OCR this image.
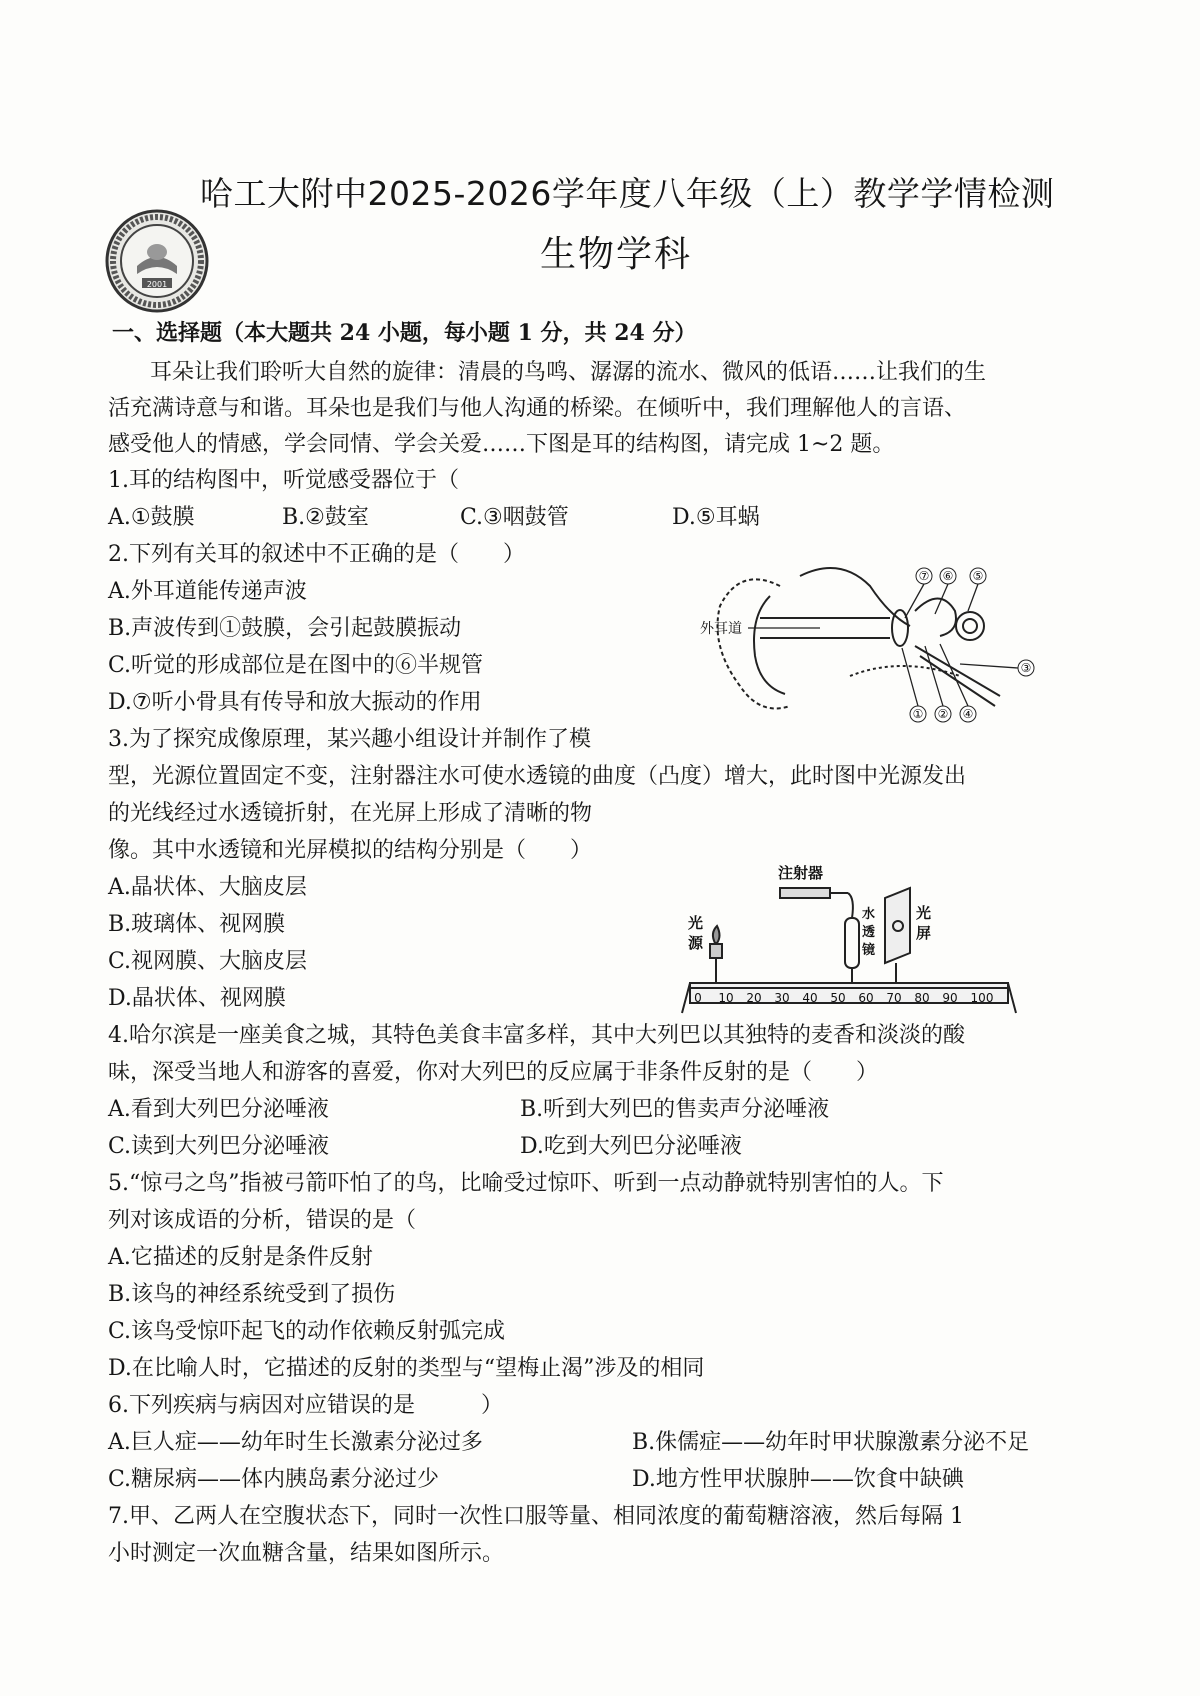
哈工大附中2025-2026学年度八年级（上）教学学情检测
生物学科
2001
一、选择题（本大题共 24 小题，每小题 1 分，共 24 分）
耳朵让我们聆听大自然的旋律：清晨的鸟鸣、潺潺的流水、微风的低语……让我们的生
活充满诗意与和谐。耳朵也是我们与他人沟通的桥梁。在倾听中，我们理解他人的言语、
感受他人的情感，学会同情、学会关爱……下图是耳的结构图，请完成 1~2 题。
1.耳的结构图中，听觉感受器位于（
A.①鼓膜	B.②鼓室	C.③咽鼓管	D.⑤耳蜗
2.下列有关耳的叙述中不正确的是（　　）
A.外耳道能传递声波
B.声波传到①鼓膜，会引起鼓膜振动
C.听觉的形成部位是在图中的⑥半规管
D.⑦听小骨具有传导和放大振动的作用
⑦ ⑥ ⑤
① ② ④
③
外耳道
3.为了探究成像原理，某兴趣小组设计并制作了模
型，光源位置固定不变，注射器注水可使水透镜的曲度（凸度）增大，此时图中光源发出
的光线经过水透镜折射，在光屏上形成了清晰的物
像。其中水透镜和光屏模拟的结构分别是（　　）
A.晶状体、大脑皮层
B.玻璃体、视网膜
C.视网膜、大脑皮层
D.晶状体、视网膜
注射器
光
源
水
透
镜
光
屏
0 10 20 30 40 50 60 70 80 90 100
4.哈尔滨是一座美食之城，其特色美食丰富多样，其中大列巴以其独特的麦香和淡淡的酸
味，深受当地人和游客的喜爱，你对大列巴的反应属于非条件反射的是（　　）
A.看到大列巴分泌唾液	B.听到大列巴的售卖声分泌唾液
C.读到大列巴分泌唾液	D.吃到大列巴分泌唾液
5.“惊弓之鸟”指被弓箭吓怕了的鸟，比喻受过惊吓、听到一点动静就特别害怕的人。下
列对该成语的分析，错误的是（
A.它描述的反射是条件反射
B.该鸟的神经系统受到了损伤
C.该鸟受惊吓起飞的动作依赖反射弧完成
D.在比喻人时，它描述的反射的类型与“望梅止渴”涉及的相同
6.下列疾病与病因对应错误的是　　　）
A.巨人症——幼年时生长激素分泌过多	B.侏儒症——幼年时甲状腺激素分泌不足
C.糖尿病——体内胰岛素分泌过少	D.地方性甲状腺肿——饮食中缺碘
7.甲、乙两人在空腹状态下，同时一次性口服等量、相同浓度的葡萄糖溶液，然后每隔 1
小时测定一次血糖含量，结果如图所示。
